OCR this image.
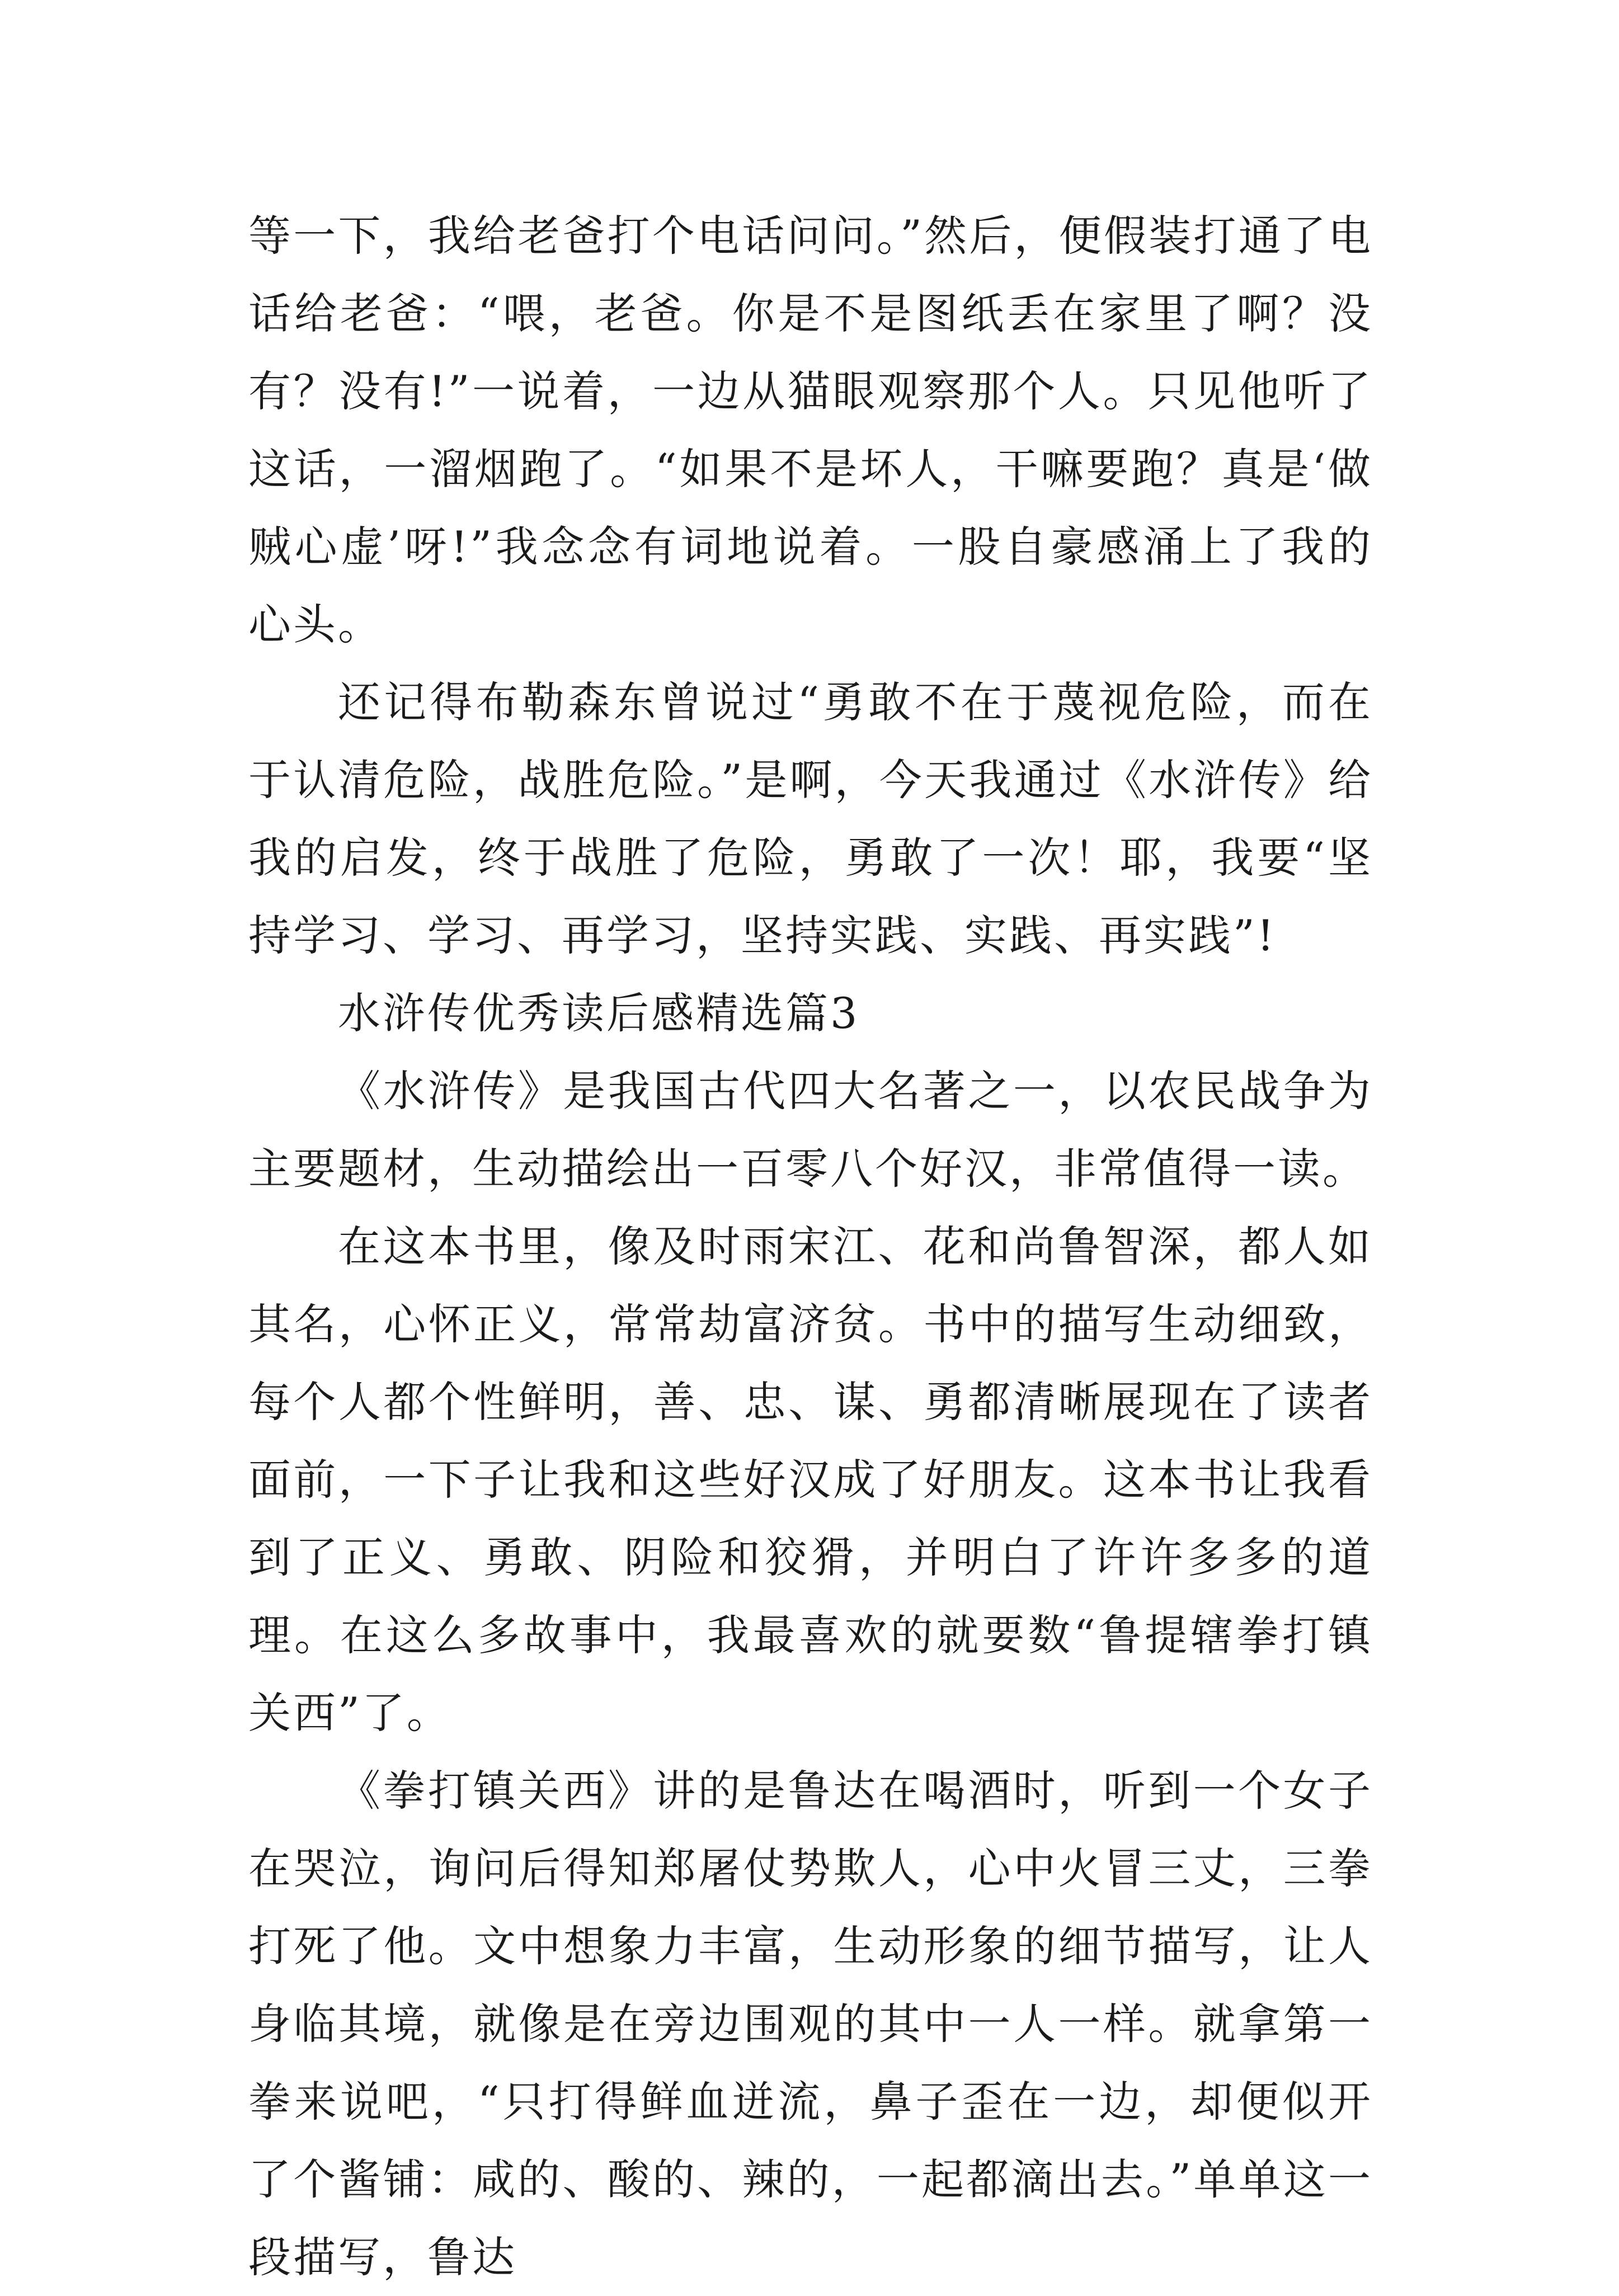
等一下，我给老爸打个电话问问。”然后，便假装打通了电话给老爸：“喂，老爸。你是不是图纸丢在家里了啊？没有？没有!”一说着，一边从猫眼观察那个人。只见他听了这话，一溜烟跑了。“如果不是坏人，干嘛要跑？真是‘做贼心虚’呀!”我念念有词地说着。一股自豪感涌上了我的心头。

还记得布勒森东曾说过“勇敢不在于蔑视危险，而在于认清危险，战胜危险。”是啊，今天我通过《水浒传》给我的启发，终于战胜了危险，勇敢了一次！耶，我要“坚持学习、学习、再学习，坚持实践、实践、再实践”!

水浒传优秀读后感精选篇3

《水浒传》是我国古代四大名著之一，以农民战争为主要题材，生动描绘出一百零八个好汉，非常值得一读。

在这本书里，像及时雨宋江、花和尚鲁智深，都人如其名，心怀正义，常常劫富济贫。书中的描写生动细致，每个人都个性鲜明，善、忠、谋、勇都清晰展现在了读者面前，一下子让我和这些好汉成了好朋友。这本书让我看到了正义、勇敢、阴险和狡猾，并明白了许许多多的道理。在这么多故事中，我最喜欢的就要数“鲁提辖拳打镇关西”了。

《拳打镇关西》讲的是鲁达在喝酒时，听到一个女子在哭泣，询问后得知郑屠仗势欺人，心中火冒三丈，三拳打死了他。文中想象力丰富，生动形象的细节描写，让人身临其境，就像是在旁边围观的其中一人一样。就拿第一拳来说吧，“只打得鲜血迸流，鼻子歪在一边，却便似开了个酱铺：咸的、酸的、辣的，一起都滴出去。”单单这一段描写，鲁达
